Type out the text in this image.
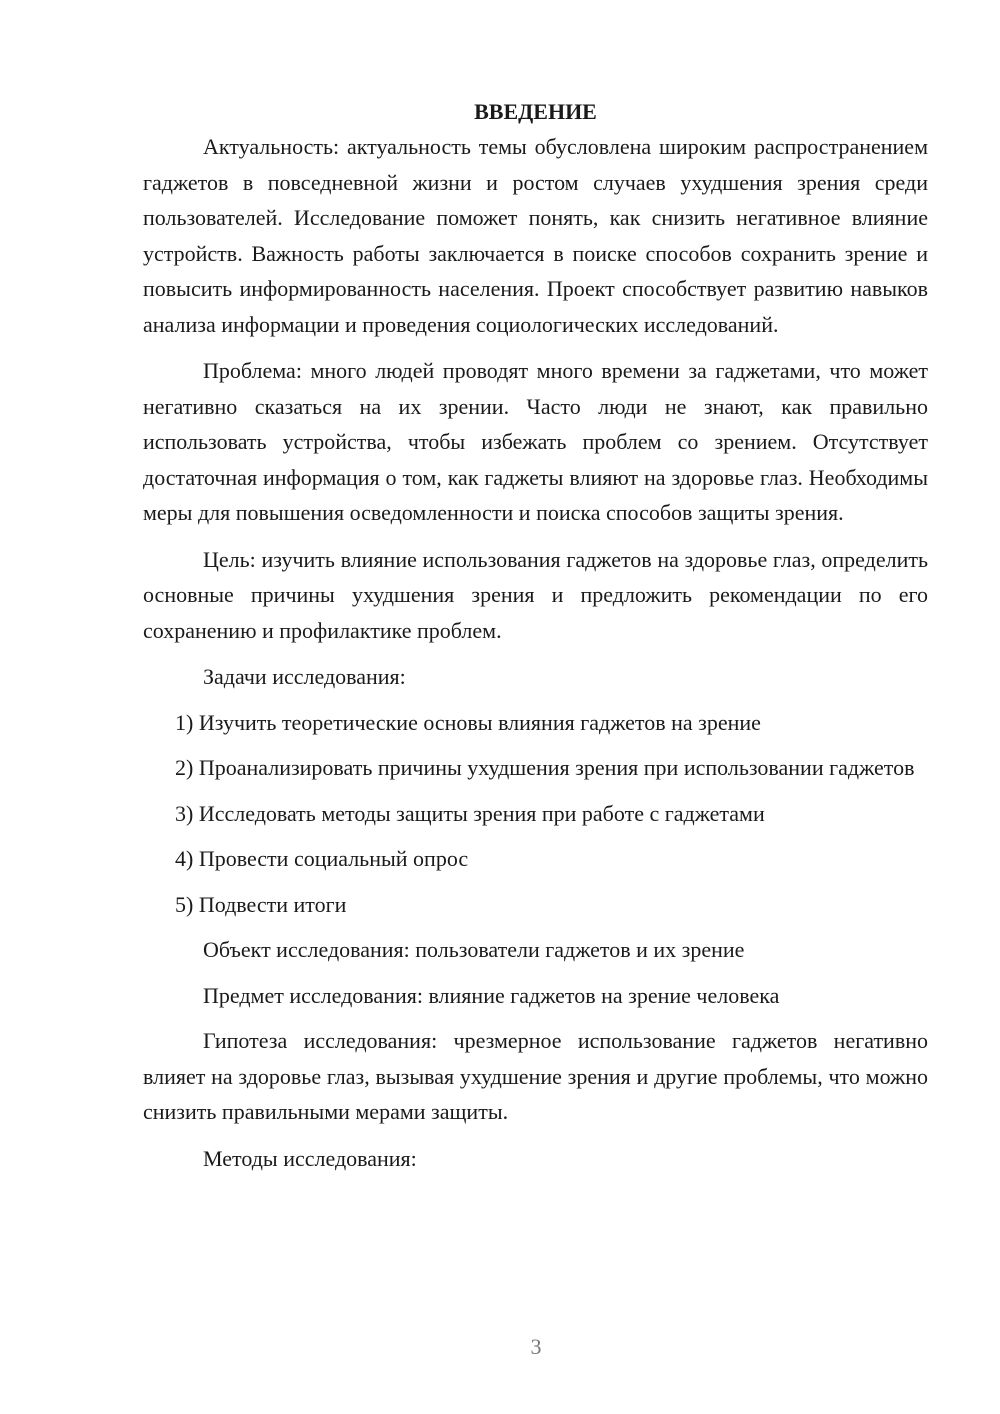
ВВЕДЕНИЕ

Актуальность: актуальность темы обусловлена широким распространением гаджетов в повседневной жизни и ростом случаев ухудшения зрения среди пользователей. Исследование поможет понять, как снизить негативное влияние устройств. Важность работы заключается в поиске способов сохранить зрение и повысить информированность населения. Проект способствует развитию навыков анализа информации и проведения социологических исследований.

Проблема: много людей проводят много времени за гаджетами, что может негативно сказаться на их зрении. Часто люди не знают, как правильно использовать устройства, чтобы избежать проблем со зрением. Отсутствует достаточная информация о том, как гаджеты влияют на здоровье глаз. Необходимы меры для повышения осведомленности и поиска способов защиты зрения.

Цель: изучить влияние использования гаджетов на здоровье глаз, определить основные причины ухудшения зрения и предложить рекомендации по его сохранению и профилактике проблем.

Задачи исследования:

1) Изучить теоретические основы влияния гаджетов на зрение

2) Проанализировать причины ухудшения зрения при использовании гаджетов

3) Исследовать методы защиты зрения при работе с гаджетами

4) Провести социальный опрос

5) Подвести итоги

Объект исследования: пользователи гаджетов и их зрение

Предмет исследования: влияние гаджетов на зрение человека

Гипотеза исследования: чрезмерное использование гаджетов негативно влияет на здоровье глаз, вызывая ухудшение зрения и другие проблемы, что можно снизить правильными мерами защиты.

Методы исследования:

3
